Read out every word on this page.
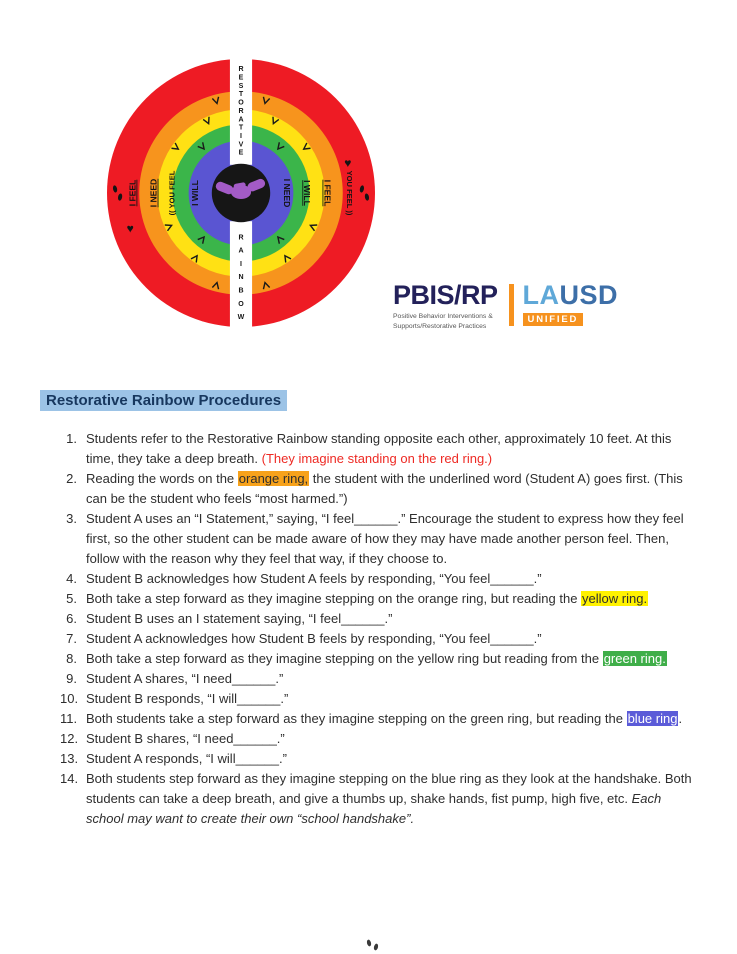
R E S T O R A T I V E
R A I N B O W
I FEEL I NEED (( YOU FEEL I WILL	I NEED I WILL I FEEL YOU FEEL ))
♥
♥
PBIS/RP
Positive Behavior Interventions &
Supports/Restorative Practices
LAUSD
UNIFIED
Restorative Rainbow Procedures
1. Students refer to the Restorative Rainbow standing opposite each other, approximately 10 feet. At this time, they take a deep breath. (They imagine standing on the red ring.)
2. Reading the words on the orange ring, the student with the underlined word (Student A) goes first. (This can be the student who feels “most harmed.”)
3. Student A uses an “I Statement,” saying, “I feel______.” Encourage the student to express how they feel first, so the other student can be made aware of how they may have made another person feel. Then, follow with the reason why they feel that way, if they choose to.
4. Student B acknowledges how Student A feels by responding, “You feel______.”
5. Both take a step forward as they imagine stepping on the orange ring, but reading the yellow ring.
6. Student B uses an I statement saying, “I feel______.”
7. Student A acknowledges how Student B feels by responding, “You feel______.”
8. Both take a step forward as they imagine stepping on the yellow ring but reading from the green ring.
9. Student A shares, “I need______.”
10. Student B responds, “I will______.”
11. Both students take a step forward as they imagine stepping on the green ring, but reading the blue ring.
12. Student B shares, “I need______.”
13. Student A responds, “I will______.”
14. Both students step forward as they imagine stepping on the blue ring as they look at the handshake. Both students can take a deep breath, and give a thumbs up, shake hands, fist pump, high five, etc. Each school may want to create their own “school handshake”.
